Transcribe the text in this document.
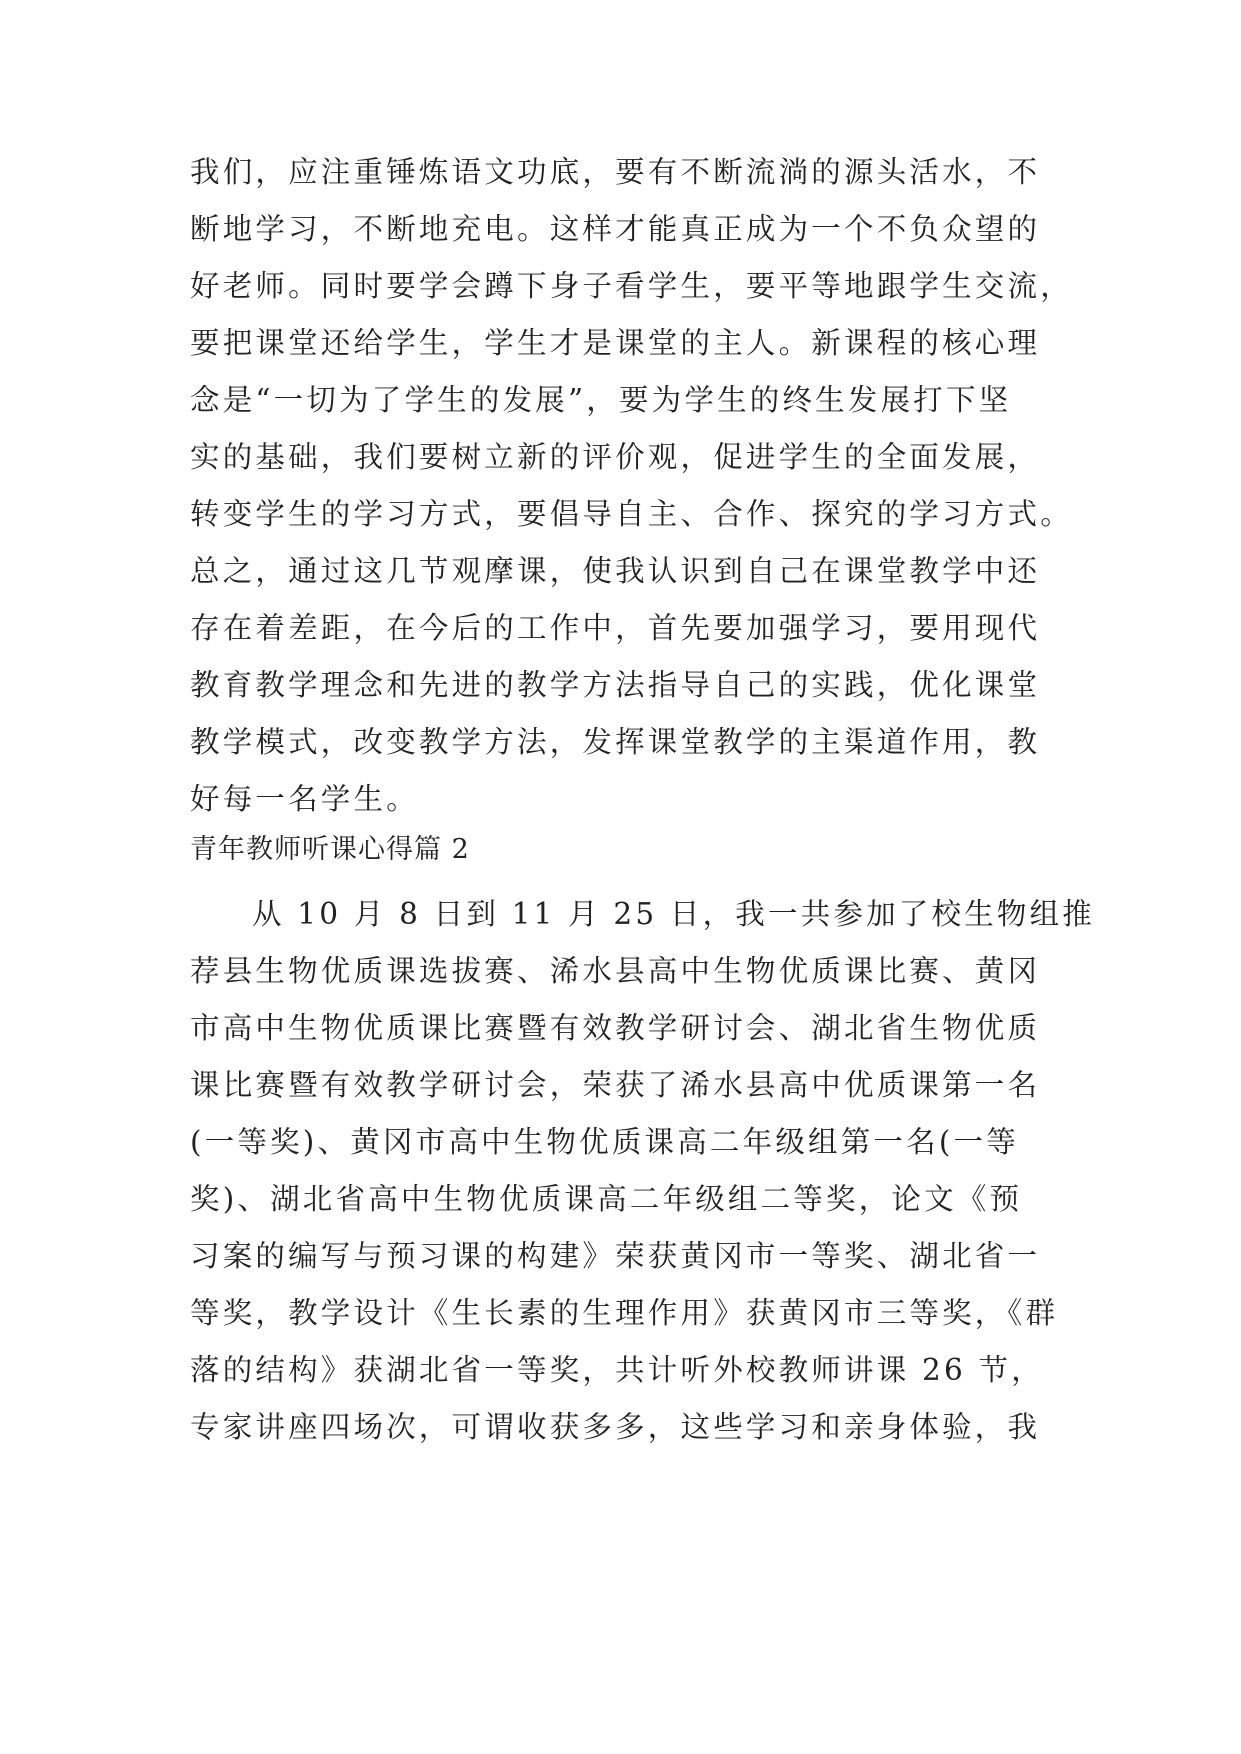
我们，应注重锤炼语文功底，要有不断流淌的源头活水，不
断地学习，不断地充电。这样才能真正成为一个不负众望的
好老师。同时要学会蹲下身子看学生，要平等地跟学生交流，
要把课堂还给学生，学生才是课堂的主人。新课程的核心理
念是“一切为了学生的发展”，要为学生的终生发展打下坚
实的基础，我们要树立新的评价观，促进学生的全面发展，
转变学生的学习方式，要倡导自主、合作、探究的学习方式。
总之，通过这几节观摩课，使我认识到自己在课堂教学中还
存在着差距，在今后的工作中，首先要加强学习，要用现代
教育教学理念和先进的教学方法指导自己的实践，优化课堂
教学模式，改变教学方法，发挥课堂教学的主渠道作用，教
好每一名学生。
青年教师听课心得篇 2
从 10 月 8 日到 11 月 25 日，我一共参加了校生物组推
荐县生物优质课选拔赛、浠水县高中生物优质课比赛、黄冈
市高中生物优质课比赛暨有效教学研讨会、湖北省生物优质
课比赛暨有效教学研讨会，荣获了浠水县高中优质课第一名
(一等奖)、黄冈市高中生物优质课高二年级组第一名(一等
奖)、湖北省高中生物优质课高二年级组二等奖，论文《预
习案的编写与预习课的构建》荣获黄冈市一等奖、湖北省一
等奖，教学设计《生长素的生理作用》获黄冈市三等奖，《群
落的结构》获湖北省一等奖，共计听外校教师讲课 26 节，
专家讲座四场次，可谓收获多多，这些学习和亲身体验，我
